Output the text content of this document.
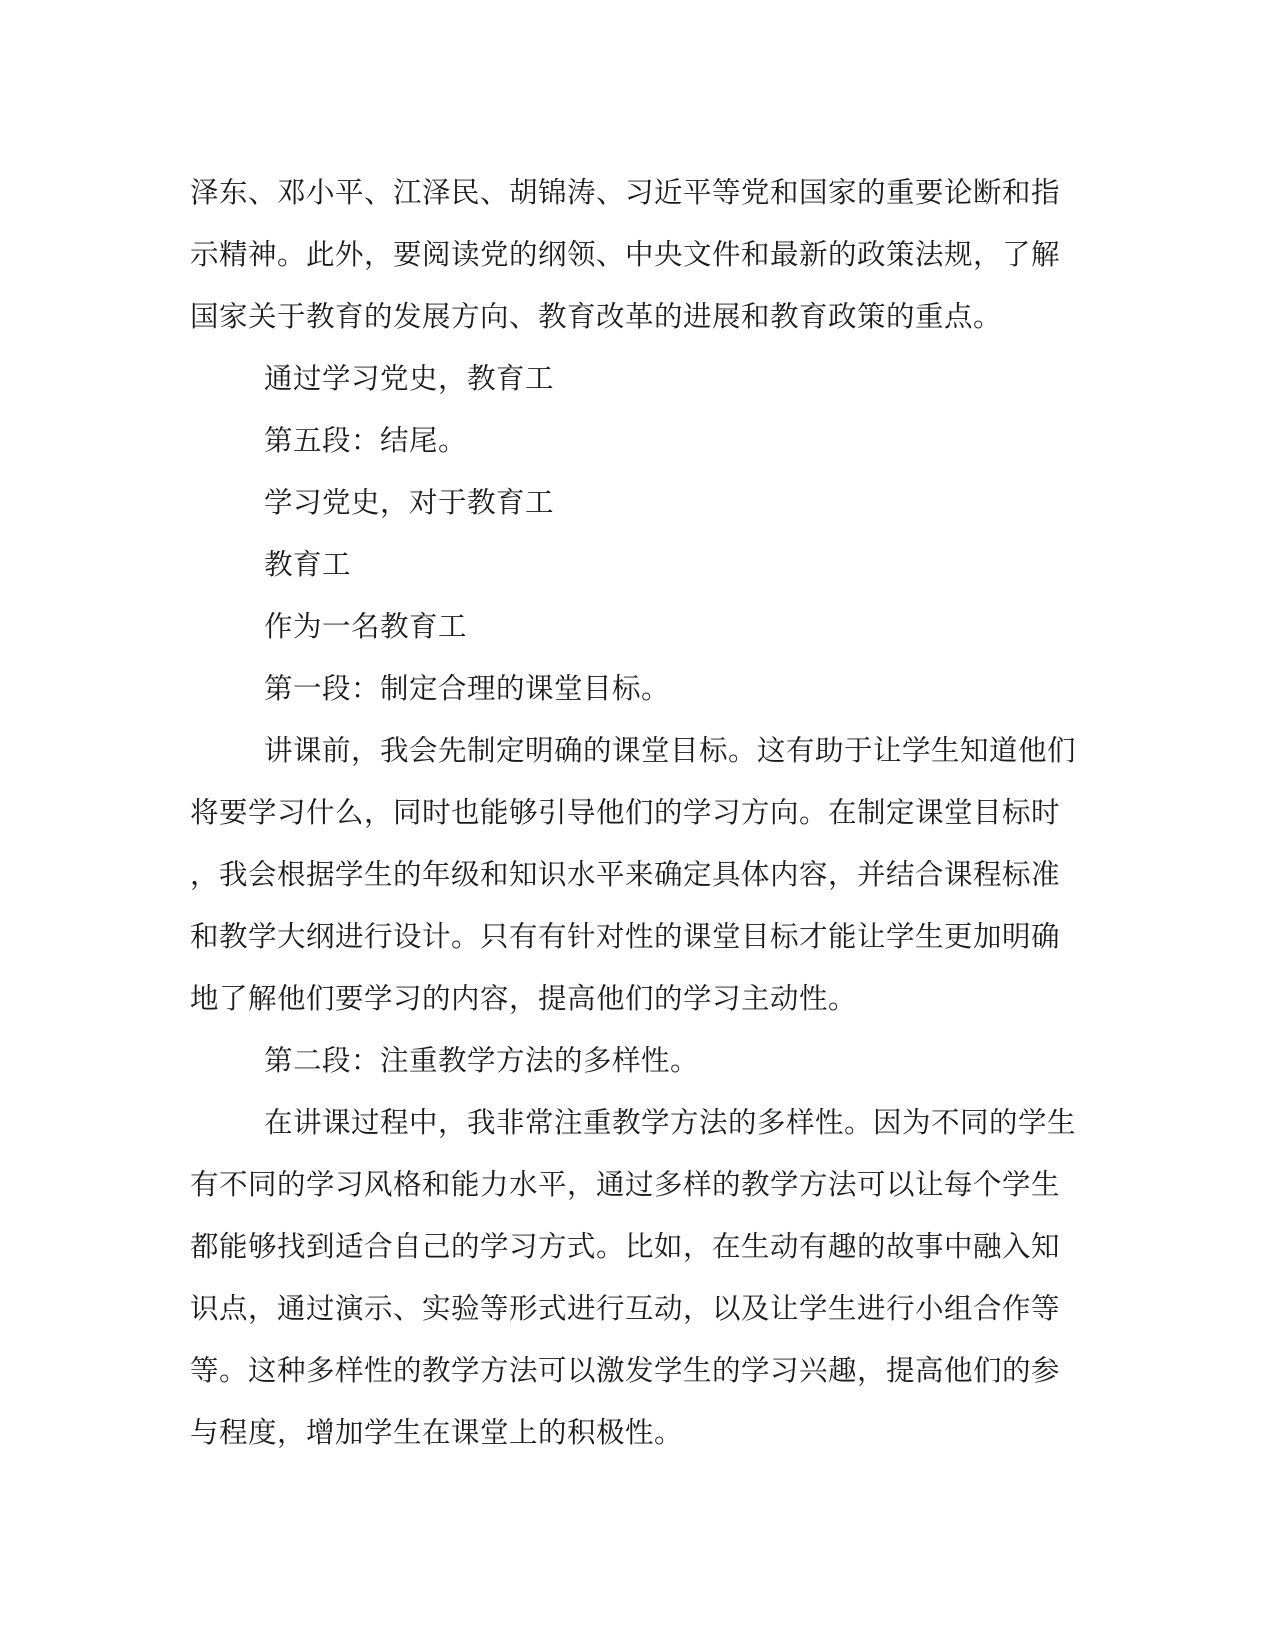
泽东、邓小平、江泽民、胡锦涛、习近平等党和国家的重要论断和指
示精神。此外，要阅读党的纲领、中央文件和最新的政策法规，了解
国家关于教育的发展方向、教育改革的进展和教育政策的重点。
通过学习党史，教育工
第五段：结尾。
学习党史，对于教育工
教育工
作为一名教育工
第一段：制定合理的课堂目标。
讲课前，我会先制定明确的课堂目标。这有助于让学生知道他们
将要学习什么，同时也能够引导他们的学习方向。在制定课堂目标时
，我会根据学生的年级和知识水平来确定具体内容，并结合课程标准
和教学大纲进行设计。只有有针对性的课堂目标才能让学生更加明确
地了解他们要学习的内容，提高他们的学习主动性。
第二段：注重教学方法的多样性。
在讲课过程中，我非常注重教学方法的多样性。因为不同的学生
有不同的学习风格和能力水平，通过多样的教学方法可以让每个学生
都能够找到适合自己的学习方式。比如，在生动有趣的故事中融入知
识点，通过演示、实验等形式进行互动，以及让学生进行小组合作等
等。这种多样性的教学方法可以激发学生的学习兴趣，提高他们的参
与程度，增加学生在课堂上的积极性。
